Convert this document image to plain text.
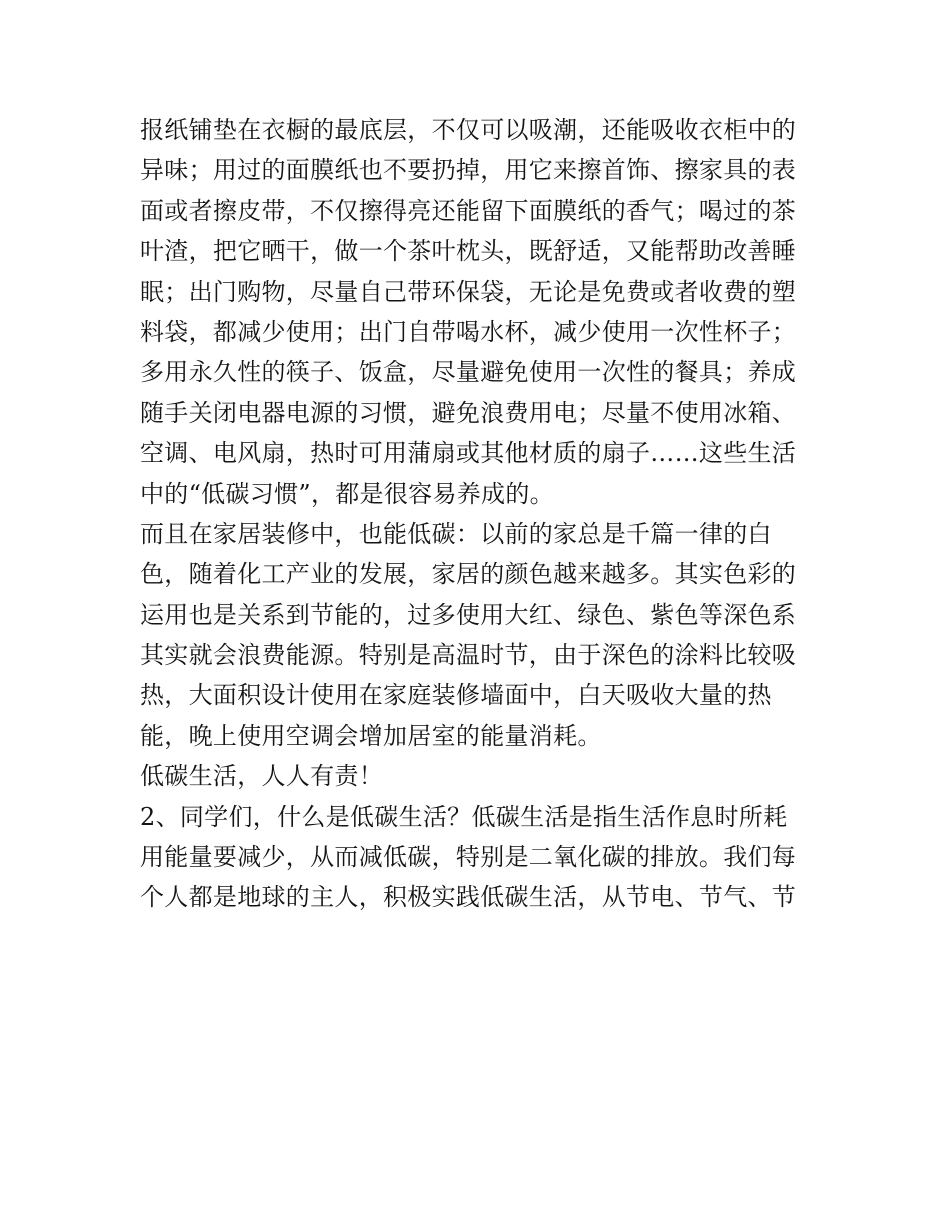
报纸铺垫在衣橱的最底层，不仅可以吸潮，还能吸收衣柜中的
异味；用过的面膜纸也不要扔掉，用它来擦首饰、擦家具的表
面或者擦皮带，不仅擦得亮还能留下面膜纸的香气；喝过的茶
叶渣，把它晒干，做一个茶叶枕头，既舒适，又能帮助改善睡
眠；出门购物，尽量自己带环保袋，无论是免费或者收费的塑
料袋，都减少使用；出门自带喝水杯，减少使用一次性杯子；
多用永久性的筷子、饭盒，尽量避免使用一次性的餐具；养成
随手关闭电器电源的习惯，避免浪费用电；尽量不使用冰箱、
空调、电风扇，热时可用蒲扇或其他材质的扇子……这些生活
中的“低碳习惯”，都是很容易养成的。

而且在家居装修中，也能低碳：以前的家总是千篇一律的白
色，随着化工产业的发展，家居的颜色越来越多。其实色彩的
运用也是关系到节能的，过多使用大红、绿色、紫色等深色系
其实就会浪费能源。特别是高温时节，由于深色的涂料比较吸
热，大面积设计使用在家庭装修墙面中，白天吸收大量的热
能，晚上使用空调会增加居室的能量消耗。

低碳生活，人人有责！

2、同学们，什么是低碳生活？低碳生活是指生活作息时所耗
用能量要减少，从而减低碳，特别是二氧化碳的排放。我们每
个人都是地球的主人，积极实践低碳生活，从节电、节气、节
